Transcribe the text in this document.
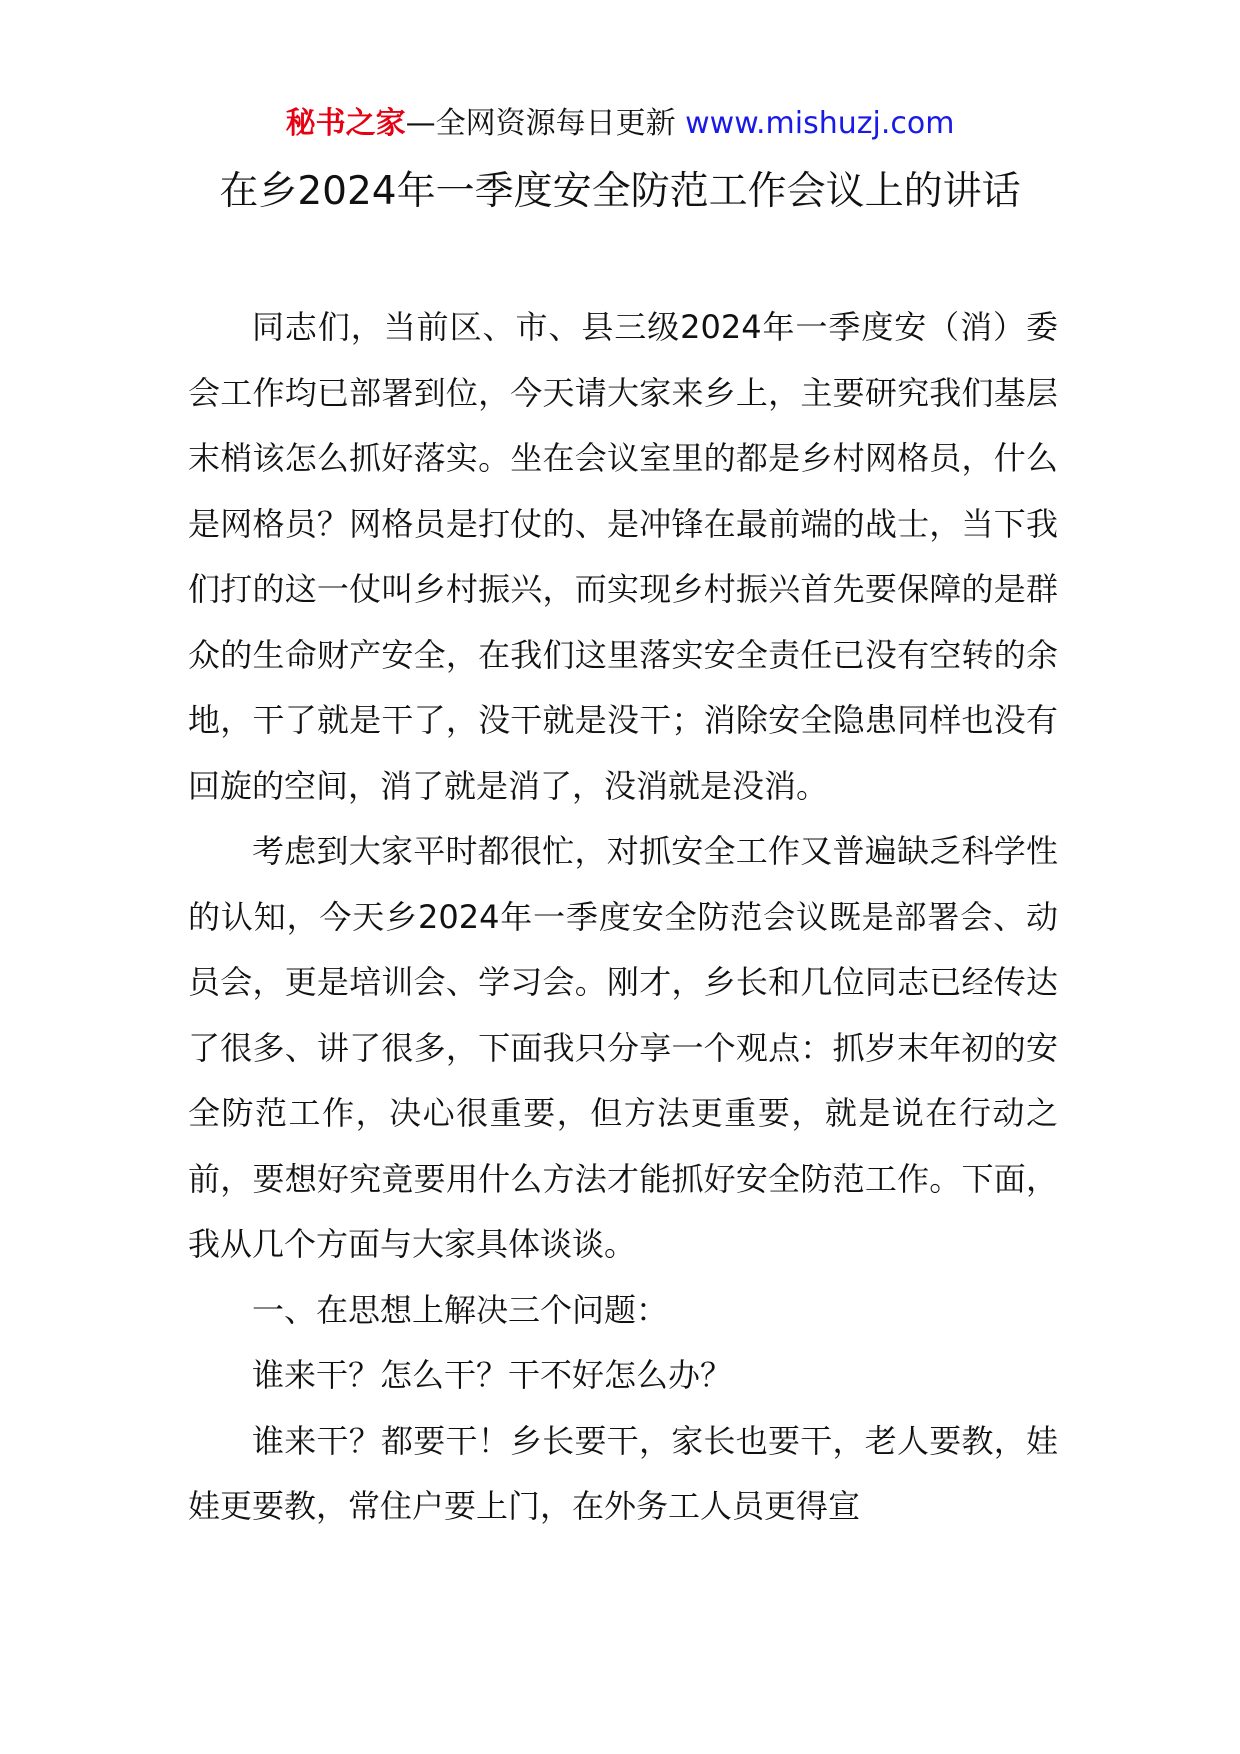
秘书之家—全网资源每日更新 www.mishuzj.com
在乡2024年一季度安全防范工作会议上的讲话

同志们，当前区、市、县三级2024年一季度安（消）委会工作均已部署到位，今天请大家来乡上，主要研究我们基层末梢该怎么抓好落实。坐在会议室里的都是乡村网格员，什么是网格员？网格员是打仗的、是冲锋在最前端的战士，当下我们打的这一仗叫乡村振兴，而实现乡村振兴首先要保障的是群众的生命财产安全，在我们这里落实安全责任已没有空转的余地，干了就是干了，没干就是没干；消除安全隐患同样也没有回旋的空间，消了就是消了，没消就是没消。

考虑到大家平时都很忙，对抓安全工作又普遍缺乏科学性的认知，今天乡2024年一季度安全防范会议既是部署会、动员会，更是培训会、学习会。刚才，乡长和几位同志已经传达了很多、讲了很多，下面我只分享一个观点：抓岁末年初的安全防范工作，决心很重要，但方法更重要，就是说在行动之前，要想好究竟要用什么方法才能抓好安全防范工作。下面，我从几个方面与大家具体谈谈。

一、在思想上解决三个问题：

谁来干？怎么干？干不好怎么办？

谁来干？都要干！乡长要干，家长也要干，老人要教，娃娃更要教，常住户要上门，在外务工人员更得宣
